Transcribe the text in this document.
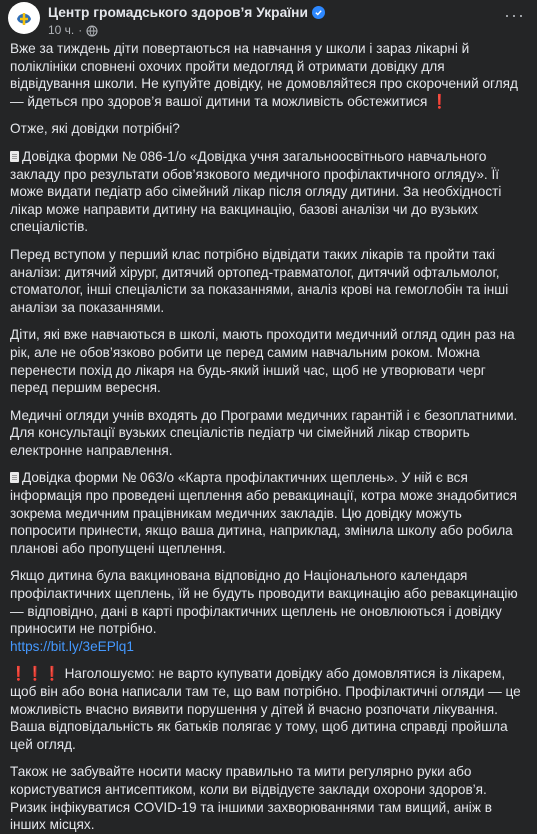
Центр громадського здоров’я України
10 ч. ·
···

Вже за тиждень діти повертаються на навчання у школи і зараз лікарні й поліклініки сповнені охочих пройти медогляд й отримати довідку для відвідування школи. Не купуйте довідку, не домовляйтеся про скорочений огляд — йдеться про здоров’я вашої дитини та можливість обстежитися ❗

Отже, які довідки потрібні?

Довідка форми № 086-1/о «Довідка учня загальноосвітнього навчального закладу про результати обов’язкового медичного профілактичного огляду». Її може видати педіатр або сімейний лікар після огляду дитини. За необхідності лікар може направити дитину на вакцинацію, базові аналізи чи до вузьких спеціалістів.

Перед вступом у перший клас потрібно відвідати таких лікарів та пройти такі аналізи: дитячий хірург, дитячий ортопед-травматолог, дитячий офтальмолог, стоматолог, інші спеціалісти за показаннями, аналіз крові на гемоглобін та інші аналізи за показаннями.

Діти, які вже навчаються в школі, мають проходити медичний огляд один раз на рік, але не обов’язково робити це перед самим навчальним роком. Можна перенести похід до лікаря на будь-який інший час, щоб не утворювати черг перед першим вересня.

Медичні огляди учнів входять до Програми медичних гарантій і є безоплатними. Для консультації вузьких спеціалістів педіатр чи сімейний лікар створить електронне направлення.

Довідка форми № 063/о «Карта профілактичних щеплень». У ній є вся інформація про проведені щеплення або ревакцинації, котра може знадобитися зокрема медичним працівникам медичних закладів. Цю довідку можуть попросити принести, якщо ваша дитина, наприклад, змінила школу або робила планові або пропущені щеплення.

Якщо дитина була вакцинована відповідно до Національного календаря профілактичних щеплень, їй не будуть проводити вакцинацію або ревакцинацію — відповідно, дані в карті профілактичних щеплень не оновлюються і довідку приносити не потрібно.
https://bit.ly/3eEPlq1

❗❗❗ Наголошуємо: не варто купувати довідку або домовлятися із лікарем, щоб він або вона написали там те, що вам потрібно. Профілактичні огляди — це можливість вчасно виявити порушення у дітей й вчасно розпочати лікування. Ваша відповідальність як батьків полягає у тому, щоб дитина справді пройшла цей огляд.

Також не забувайте носити маску правильно та мити регулярно руки або користуватися антисептиком, коли ви відвідуєте заклади охорони здоров’я. Ризик інфікуватися COVID-19 та іншими захворюваннями там вищий, аніж в інших місцях.
